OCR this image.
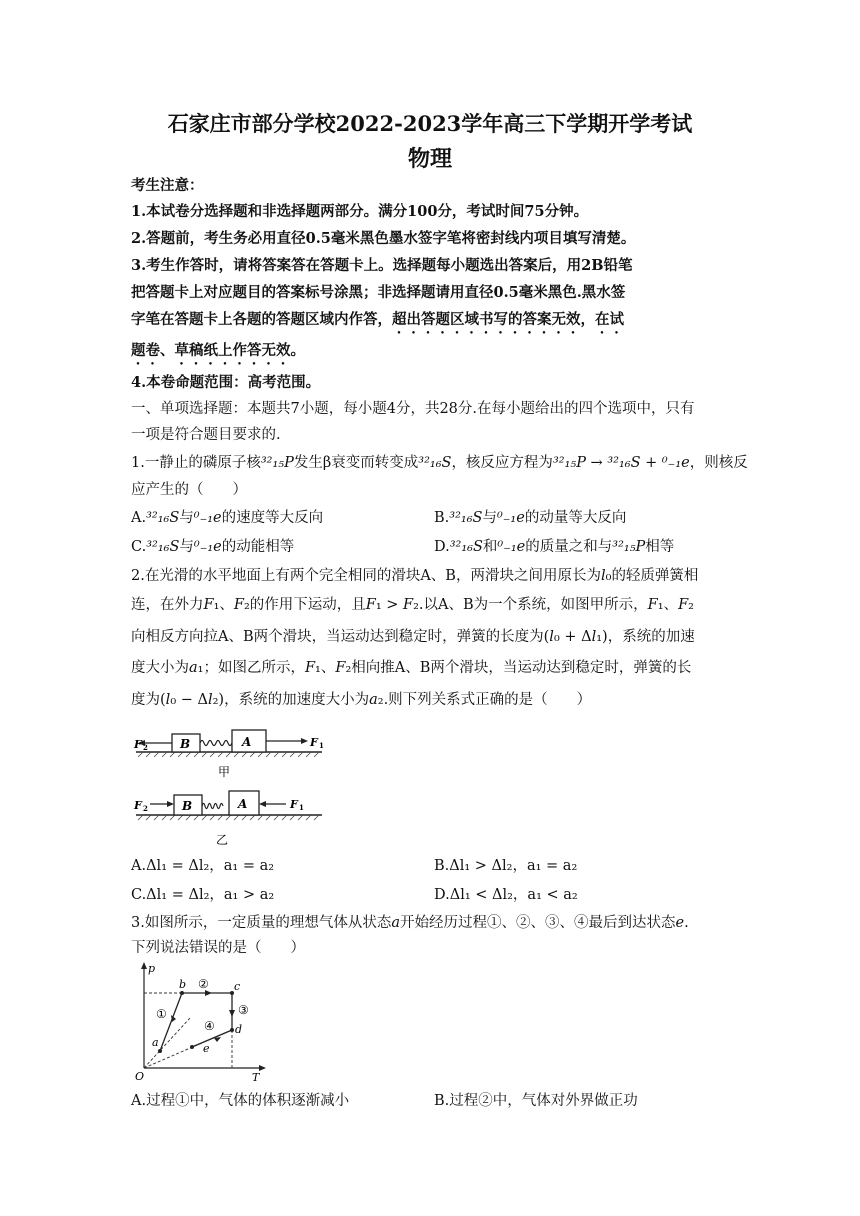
石家庄市部分学校2022-2023学年高三下学期开学考试
物理
考生注意：
1.本试卷分选择题和非选择题两部分。满分100分，考试时间75分钟。
2.答题前，考生务必用直径0.5毫米黑色墨水签字笔将密封线内项目填写清楚。
3.考生作答时，请将答案答在答题卡上。选择题每小题选出答案后，用2B铅笔
把答题卡上对应题目的答案标号涂黑；非选择题请用直径0.5毫米黑色.黑水签
字笔在答题卡上各题的答题区域内作答，超出答题区域书写的答案无效，在试
题卷、草稿纸上作答无效。
4.本卷命题范围：高考范围。
一、单项选择题：本题共7小题，每小题4分，共28分.在每小题给出的四个选项中，只有
一项是符合题目要求的.
1.一静止的磷原子核³²₁₅P发生β衰变而转变成³²₁₆S，核反应方程为³²₁₅P → ³²₁₆S + ⁰₋₁e，则核反
应产生的（　　）
A.³²₁₆S与⁰₋₁e的速度等大反向	B.³²₁₆S与⁰₋₁e的动量等大反向
C.³²₁₆S与⁰₋₁e的动能相等	D.³²₁₆S和⁰₋₁e的质量之和与³²₁₅P相等
2.在光滑的水平地面上有两个完全相同的滑块A、B，两滑块之间用原长为l₀的轻质弹簧相
连，在外力F₁、F₂的作用下运动，且F₁ > F₂.以A、B为一个系统，如图甲所示，F₁、F₂
向相反方向拉A、B两个滑块，当运动达到稳定时，弹簧的长度为(l₀ + Δl₁)，系统的加速
度大小为a₁；如图乙所示，F₁、F₂相向推A、B两个滑块，当运动达到稳定时，弹簧的长
度为(l₀ − Δl₂)，系统的加速度大小为a₂.则下列关系式正确的是（　　）
B	A
F 2	F 1
甲
B	A
F 2	F 1
乙
A.Δl₁ = Δl₂，a₁ = a₂	B.Δl₁ > Δl₂，a₁ = a₂
C.Δl₁ = Δl₂，a₁ > a₂	D.Δl₁ < Δl₂，a₁ < a₂
3.如图所示，一定质量的理想气体从状态a开始经历过程①、②、③、④最后到达状态e.
下列说法错误的是（　　）
p
T
O
b	c
d
a	e
①
②
③
④
A.过程①中，气体的体积逐渐减小	B.过程②中，气体对外界做正功
